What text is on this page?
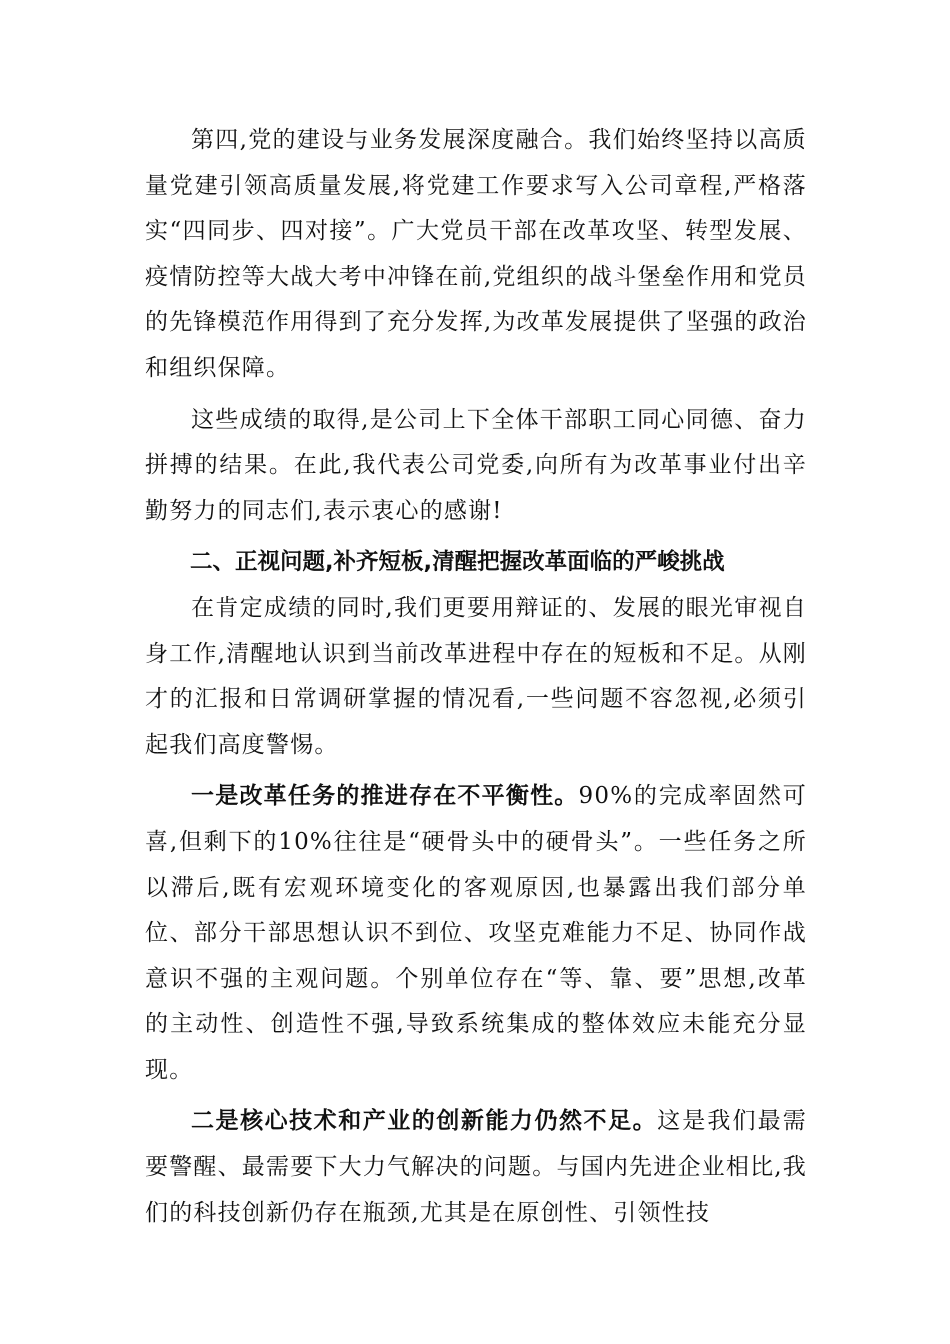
第四,党的建设与业务发展深度融合。我们始终坚持以高质量党建引领高质量发展,将党建工作要求写入公司章程,严格落实“四同步、四对接”。广大党员干部在改革攻坚、转型发展、疫情防控等大战大考中冲锋在前,党组织的战斗堡垒作用和党员的先锋模范作用得到了充分发挥,为改革发展提供了坚强的政治和组织保障。

这些成绩的取得,是公司上下全体干部职工同心同德、奋力拼搏的结果。在此,我代表公司党委,向所有为改革事业付出辛勤努力的同志们,表示衷心的感谢!

二、正视问题,补齐短板,清醒把握改革面临的严峻挑战

在肯定成绩的同时,我们更要用辩证的、发展的眼光审视自身工作,清醒地认识到当前改革进程中存在的短板和不足。从刚才的汇报和日常调研掌握的情况看,一些问题不容忽视,必须引起我们高度警惕。

一是改革任务的推进存在不平衡性。90%的完成率固然可喜,但剩下的10%往往是“硬骨头中的硬骨头”。一些任务之所以滞后,既有宏观环境变化的客观原因,也暴露出我们部分单位、部分干部思想认识不到位、攻坚克难能力不足、协同作战意识不强的主观问题。个别单位存在“等、靠、要”思想,改革的主动性、创造性不强,导致系统集成的整体效应未能充分显现。

二是核心技术和产业的创新能力仍然不足。这是我们最需要警醒、最需要下大力气解决的问题。与国内先进企业相比,我们的科技创新仍存在瓶颈,尤其是在原创性、引领性技
